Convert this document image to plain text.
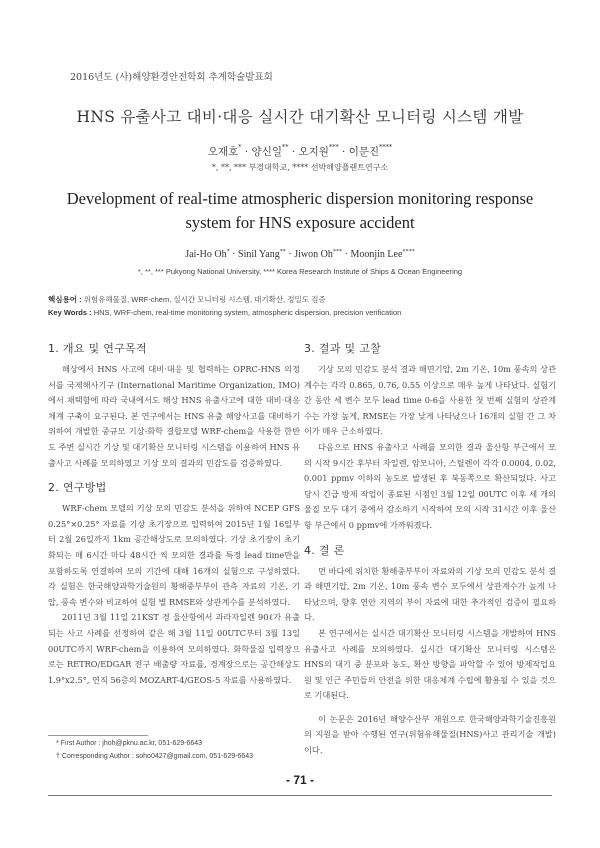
2016년도 (사)해양환경안전학회 추계학술발표회
HNS 유출사고 대비·대응 실시간 대기확산 모니터링 시스템 개발
오재호* · 양신일** · 오지원*** · 이문진****
*, **, *** 부경대학교, **** 선박해양플랜트연구소
Development of real-time atmospheric dispersion monitoring response system for HNS exposure accident
Jai-Ho Oh* · Sinil Yang** · Jiwon Oh*** · Moonjin Lee****
*, **, *** Pukyong National University, **** Korea Research Institute of Ships & Ocean Engineering
핵심용어 : 위험유해물질, WRF-chem, 실시간 모니터링 시스템, 대기확산, 정밀도 검증
Key Words : HNS, WRF-chem, real-time monitoring system, atmospheric dispersion, precision verification
1. 개요 및 연구목적

해상에서 HNS 사고에 대비·대응 및 협력하는 OPRC-HNS 의정서를 국제해사기구 (International Maritime Organization, IMO)에서 채택함에 따라 국내에서도 해상 HNS 유출사고에 대한 대비·대응 체계 구축이 요구된다. 본 연구에서는 HNS 유출 해양사고를 대비하기 위하여 개발한 중규모 기상-화학 결합모델 WRF-chem을 사용한 한반도 주변 실시간 기상 및 대기확산 모니터링 시스템을 이용하여 HNS 유출사고 사례를 모의하였고 기상 모의 결과의 민감도를 검증하였다.

2. 연구방법

WRF-chem 모델의 기상 모의 민감도 분석을 위하여 NCEP GFS 0.25°×0.25° 자료를 기상 초기장으로 입력하여 2015년 1월 16일부터 2월 26일까지 1km 공간해상도로 모의하였다. 기상 초기장이 초기화되는 매 6시간 마다 48시간 씩 모의한 결과를 특정 lead time만을 포함하도록 연결하여 모의 기간에 대해 16개의 실험으로 구성하였다. 각 실험은 한국해양과학기술원의 황해중부부이 관측 자료의 기온, 기압, 풍속 변수와 비교하여 실험 별 RMSE와 상관계수를 분석하였다.

2011년 3월 11일 21KST 경 울산항에서 과라자일렌 90ℓ가 유출되는 사고 사례를 선정하여 같은 해 3월 11일 00UTC부터 3월 13일 00UTC까지 WRF-chem을 이용하여 모의하였다. 화학물질 입력장으로는 RETRO/EDGAR 전구 배출량 자료를, 경계장으로는 공간해상도 1.9°x2.5°, 연직 56층의 MOZART-4/GEOS-5 자료를 사용하였다.

3. 결과 및 고찰

기상 모의 민감도 분석 결과 해면기압, 2m 기온, 10m 풍속의 상관계수는 각각 0.865, 0.76, 0.55 이상으로 매우 높게 나타났다. 실험기간 동안 세 변수 모두 lead time 0-6을 사용한 첫 번째 실험의 상관계수는 가장 높게, RMSE는 가장 낮게 나타났으나 16개의 실험 간 그 차이가 매우 근소하였다.

다음으로 HNS 유출사고 사례를 모의한 결과 울산항 부근에서 모의 시작 9시간 후부터 자일렌, 암모니아, 스틸렌이 각각 0.0004, 0.02, 0.001 ppmv 이하의 농도로 발생된 후 북동쪽으로 확산되었다. 사고 당시 긴급 방제 작업이 종료된 시점인 3월 12일 00UTC 이후 세 개의 물질 모두 대기 중에서 감소하기 시작하여 모의 시작 31시간 이후 울산항 부근에서 0 ppmv에 가까워졌다.

4. 결 론

먼 바다에 위치한 황해중부부이 자료와의 기상 모의 민감도 분석 결과 해면기압, 2m 기온, 10m 풍속 변수 모두에서 상관계수가 높게 나타났으며, 향후 연안 지역의 부이 자료에 대한 추가적인 검증이 필요하다.

본 연구에서는 실시간 대기확산 모니터링 시스템을 개발하여 HNS 유출사고 사례를 모의하였다. 실시간 대기확산 모니터링 시스템은 HNS의 대기 중 분포와 농도, 확산 방향을 파악할 수 있어 방제작업요원 및 인근 주민들의 안전을 위한 대응체계 수립에 활용될 수 있을 것으로 기대된다.

이 논문은 2016년 해양수산부 재원으로 한국해양과학기술진흥원의 지원을 받아 수행된 연구(위험유해물질(HNS)사고 관리기술 개발)이다.

* First Author : jhoh@pknu.ac.kr, 051-629-6643
† Corresponding Author : soho0427@gmail.com, 051-629-6643
- 71 -
